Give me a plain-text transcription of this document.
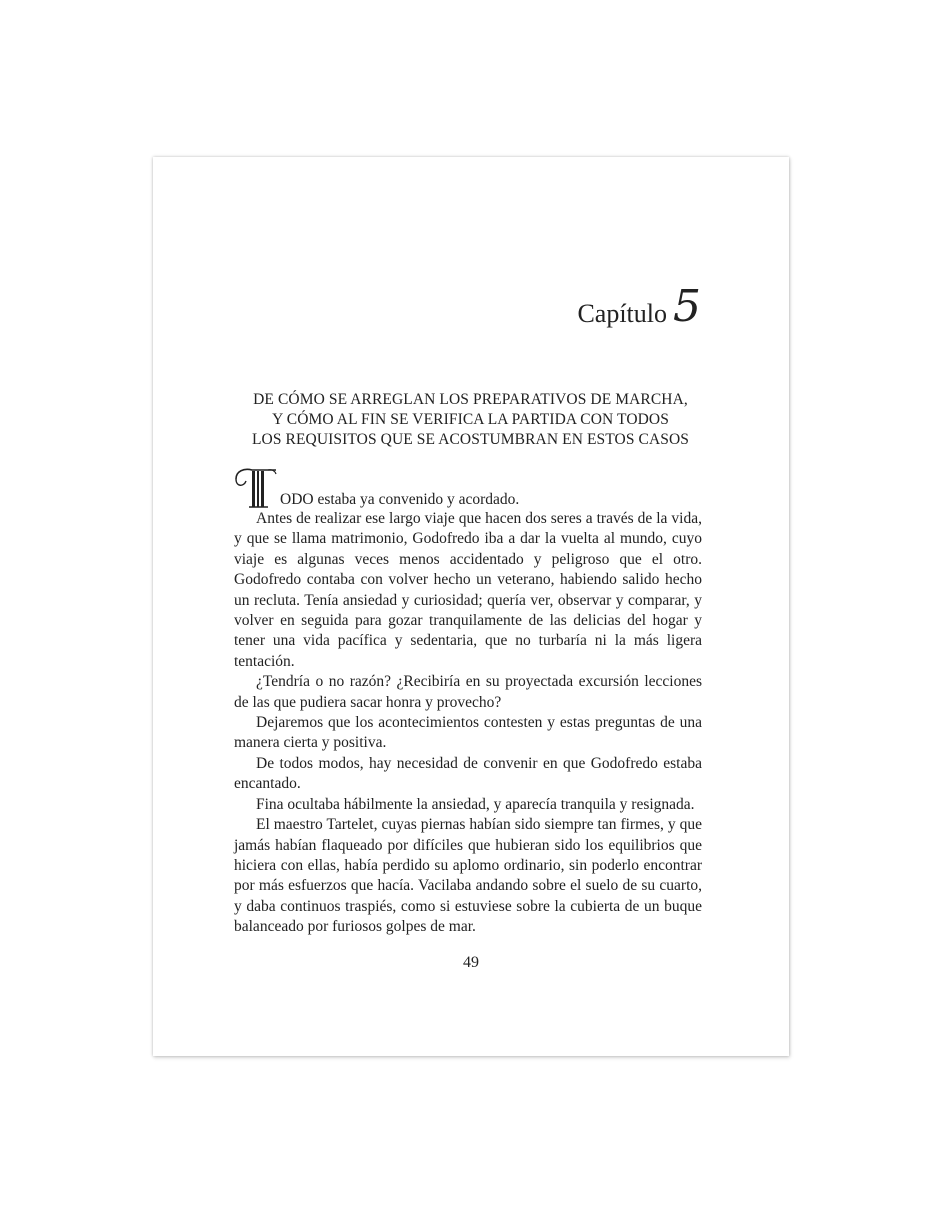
Capítulo 5
DE CÓMO SE ARREGLAN LOS PREPARATIVOS DE MARCHA,
Y CÓMO AL FIN SE VERIFICA LA PARTIDA CON TODOS
LOS REQUISITOS QUE SE ACOSTUMBRAN EN ESTOS CASOS
T
ODO estaba ya convenido y acordado.

Antes de realizar ese largo viaje que hacen dos seres a través de la vida, y que se llama matrimonio, Godofredo iba a dar la vuelta al mundo, cuyo viaje es algunas veces menos accidentado y peligroso que el otro. Godofredo contaba con volver hecho un veterano, habiendo salido hecho un recluta. Tenía ansiedad y curiosidad; quería ver, observar y comparar, y volver en seguida para gozar tranquilamente de las delicias del hogar y tener una vida pacífica y sedentaria, que no turbaría ni la más ligera tentación.

¿Tendría o no razón? ¿Recibiría en su proyectada excursión lecciones de las que pudiera sacar honra y provecho?

Dejaremos que los acontecimientos contesten y estas preguntas de una manera cierta y positiva.

De todos modos, hay necesidad de convenir en que Godofredo estaba encantado.

Fina ocultaba hábilmente la ansiedad, y aparecía tranquila y resignada.

El maestro Tartelet, cuyas piernas habían sido siempre tan firmes, y que jamás habían flaqueado por difíciles que hubieran sido los equilibrios que hiciera con ellas, había perdido su aplomo ordinario, sin poderlo encontrar por más esfuerzos que hacía. Vacilaba andando sobre el suelo de su cuarto, y daba continuos traspiés, como si estuviese sobre la cubierta de un buque balanceado por furiosos golpes de mar.

49
